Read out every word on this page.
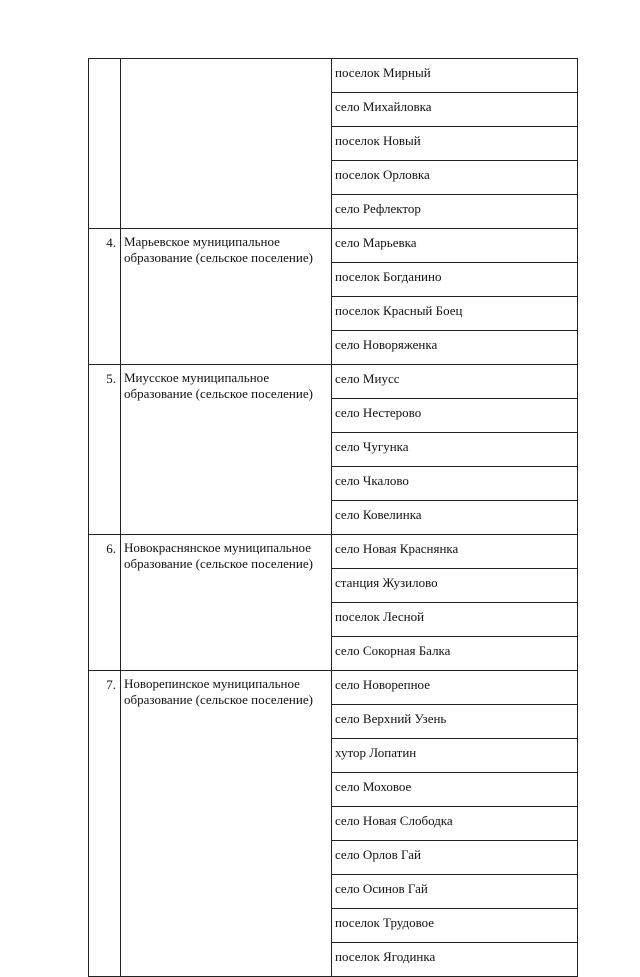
		поселок Мирный
		село Михайловка
		поселок Новый
		поселок Орловка
		село Рефлектор
4.	Марьевское муниципальное образование (сельское поселение)	село Марьевка
		поселок Богданино
		поселок Красный Боец
		село Новоряженка
5.	Миусское муниципальное образование (сельское поселение)	село Миусс
		село Нестерово
		село Чугунка
		село Чкалово
		село Ковелинка
6.	Новокраснянское муниципальное образование (сельское поселение)	село Новая Краснянка
		станция Жузилово
		поселок Лесной
		село Сокорная Балка
7.	Новорепинское муниципальное образование (сельское поселение)	село Новорепное
		село Верхний Узень
		хутор Лопатин
		село Моховое
		село Новая Слободка
		село Орлов Гай
		село Осинов Гай
		поселок Трудовое
		поселок Ягодинка
